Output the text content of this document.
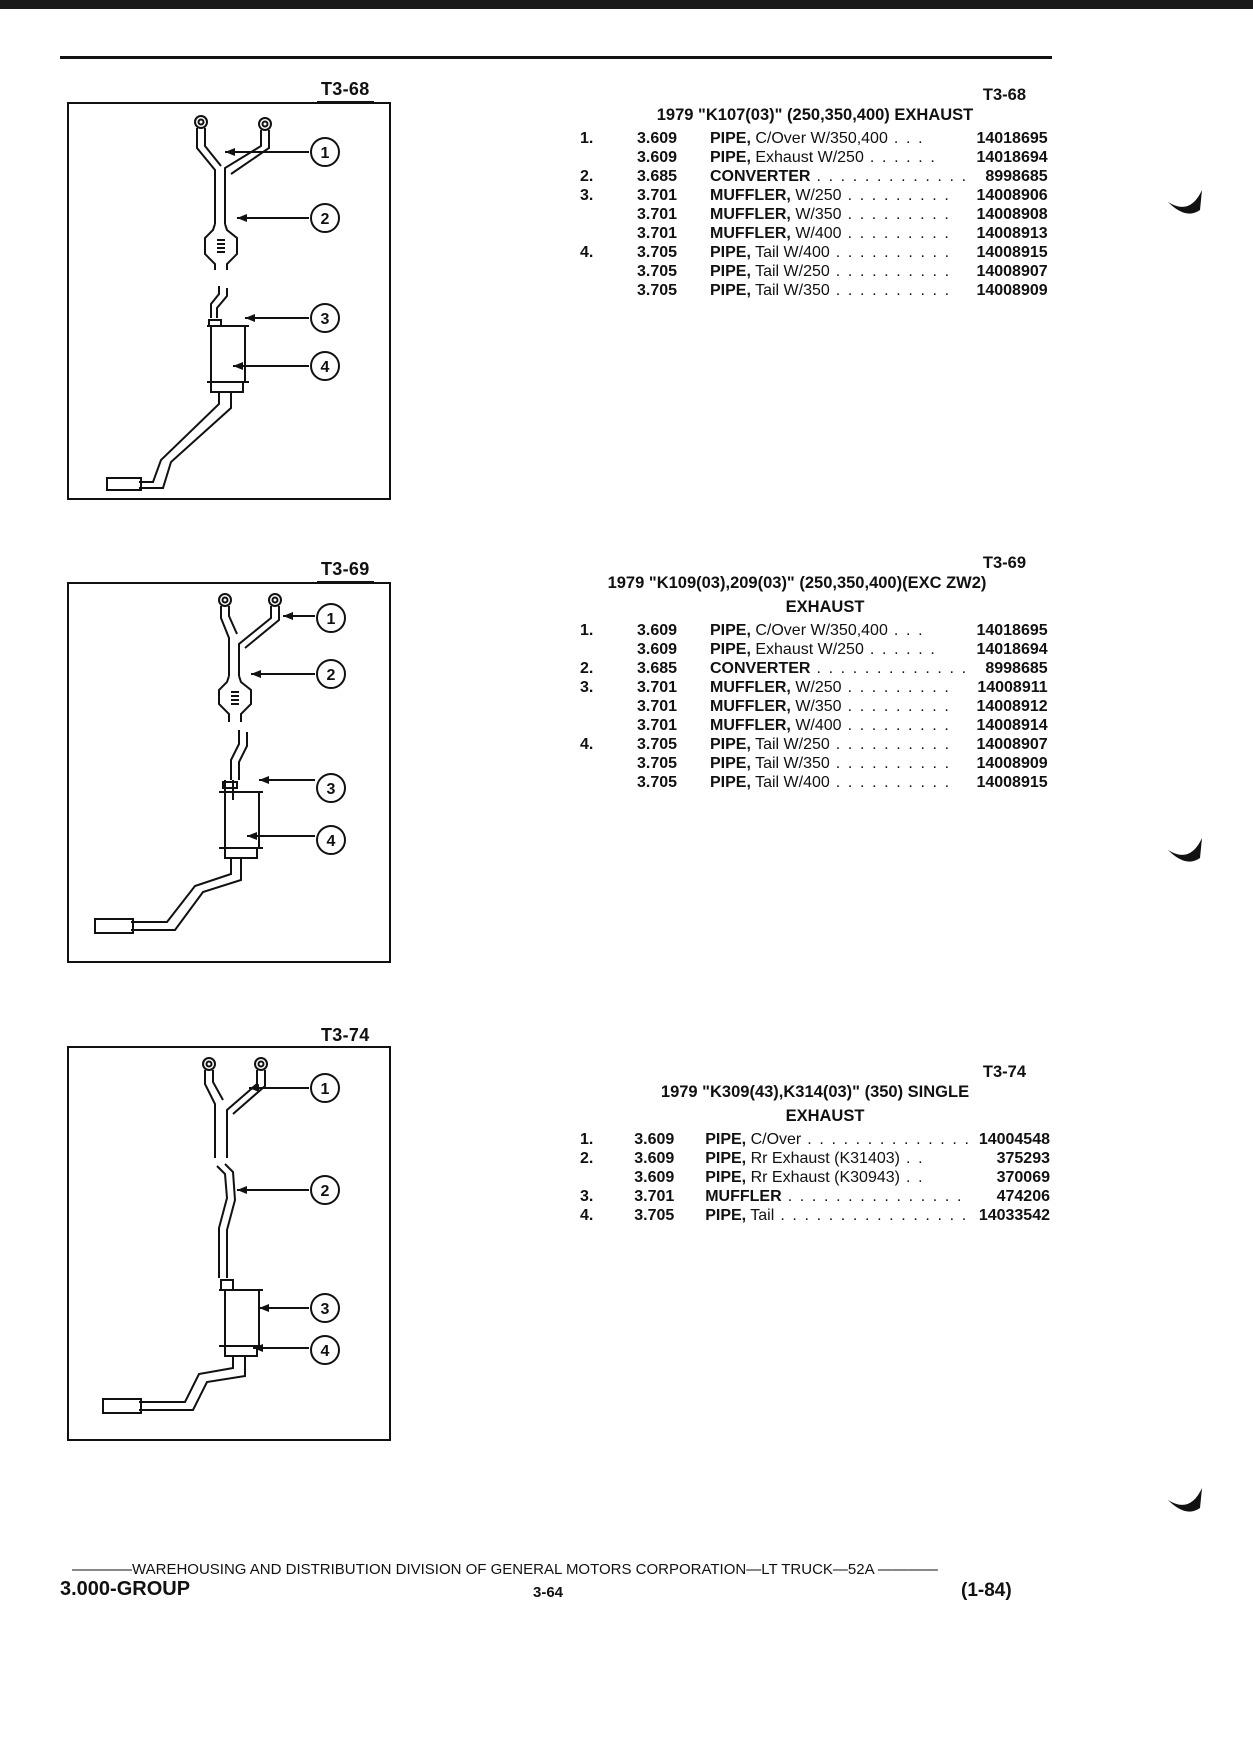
T3-68
1
2
3
4
T3-68
1979 "K107(03)" (250,350,400) EXHAUST
1.	3.609	PIPE, C/Over W/350,400 . . .	14018695
	3.609	PIPE, Exhaust W/250 . . . . . .	14018694
2.	3.685	CONVERTER . . . . . . . . . . . . .	8998685
3.	3.701	MUFFLER, W/250 . . . . . . . . .	14008906
	3.701	MUFFLER, W/350 . . . . . . . . .	14008908
	3.701	MUFFLER, W/400 . . . . . . . . .	14008913
4.	3.705	PIPE, Tail W/400 . . . . . . . . . .	14008915
	3.705	PIPE, Tail W/250 . . . . . . . . . .	14008907
	3.705	PIPE, Tail W/350 . . . . . . . . . .	14008909
T3-69
1
2
3
4
T3-69
1979 "K109(03),209(03)" (250,350,400)(EXC ZW2)
EXHAUST
1.	3.609	PIPE, C/Over W/350,400 . . .	14018695
	3.609	PIPE, Exhaust W/250 . . . . . .	14018694
2.	3.685	CONVERTER . . . . . . . . . . . . .	8998685
3.	3.701	MUFFLER, W/250 . . . . . . . . .	14008911
	3.701	MUFFLER, W/350 . . . . . . . . .	14008912
	3.701	MUFFLER, W/400 . . . . . . . . .	14008914
4.	3.705	PIPE, Tail W/250 . . . . . . . . . .	14008907
	3.705	PIPE, Tail W/350 . . . . . . . . . .	14008909
	3.705	PIPE, Tail W/400 . . . . . . . . . .	14008915
T3-74
1
2
3
4
T3-74
1979 "K309(43),K314(03)" (350) SINGLE
EXHAUST
1.	3.609	PIPE, C/Over . . . . . . . . . . . . . .	14004548
2.	3.609	PIPE, Rr Exhaust (K31403) . .	375293
	3.609	PIPE, Rr Exhaust (K30943) . .	370069
3.	3.701	MUFFLER . . . . . . . . . . . . . . .	474206
4.	3.705	PIPE, Tail . . . . . . . . . . . . . . . .	14033542
————WAREHOUSING AND DISTRIBUTION DIVISION OF GENERAL MOTORS CORPORATION—LT TRUCK—52A ————
3.000-GROUP	3-64	(1-84)
